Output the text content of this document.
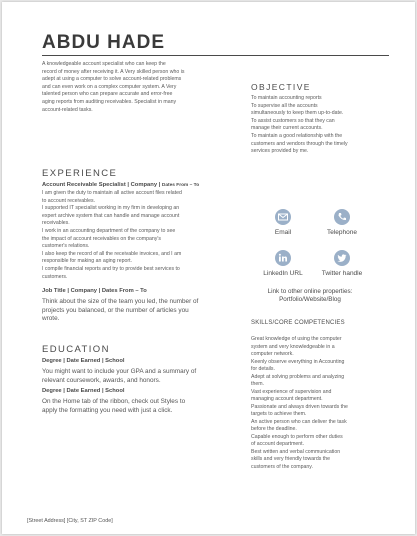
ABDU HADE
A knowledgeable account specialist who can keep the
record of money after receiving it. A Very skilled person who is
adept at using a computer to solve account-related problems
and can even work on a complex computer system. A Very
talented person who can prepare accurate and error-free
aging reports from auditing receivables. Specialist in many
account-related tasks.
OBJECTIVE
To maintain accounting reports
To supervise all the accounts
simultaneously to keep them up-to-date.
To assist customers so that they can
manage their current accounts.
To maintain a good relationship with the
customers and vendors through the timely
services provided by me.
EXPERIENCE
Account Receivable Specialist | Company | Dates From – To
I am given the duty to maintain all active account files related
to account receivables.
I supported IT specialist working in my firm in developing an
expert archive system that can handle and manage account
receivables.
I work in an accounting department of the company to see
the impact of account receivables on the company's
customer's relations.
I also keep the record of all the receivable invoices, and I am
responsible for making an aging report.
I compile financial reports and try to provide best services to
customers.
Job Title | Company | Dates From – To
Think about the size of the team you led, the number of
projects you balanced, or the number of articles you
wrote.
EDUCATION
Degree | Date Earned | School
You might want to include your GPA and a summary of
relevant coursework, awards, and honors.
Degree | Date Earned | School
On the Home tab of the ribbon, check out Styles to
apply the formatting you need with just a click.
Email	Telephone
LinkedIn URL	Twitter handle
Link to other online properties:
Portfolio/Website/Blog
SKILLS/CORE COMPETENCIES
Great knowledge of using the computer
system and very knowledgeable in a
computer network.
Keenly observe everything in Accounting
for details.
Adept at solving problems and analyzing
them.
Vast experience of supervision and
managing account department.
Passionate and always driven towards the
targets to achieve them.
An active person who can deliver the task
before the deadline.
Capable enough to perform other duties
of account department.
Best written and verbal communication
skills and very friendly towards the
customers of the company.
[Street Address] [City, ST ZIP Code]
